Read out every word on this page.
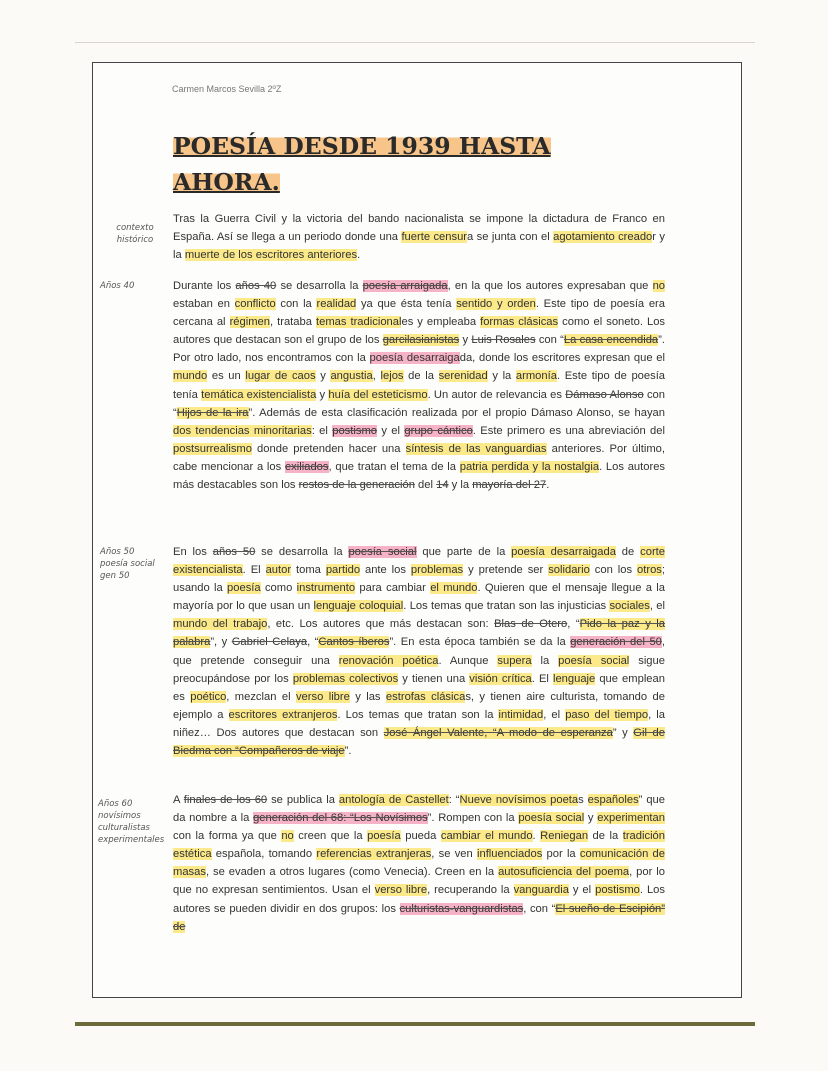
Carmen Marcos Sevilla 2ºZ
POESÍA DESDE 1939 HASTA AHORA.
contexto histórico
Años 40
Años 50 poesía social gen 50
Años 60 novísimos culturalistas experimentales
Tras la Guerra Civil y la victoria del bando nacionalista se impone la dictadura de Franco en España. Así se llega a un periodo donde una fuerte censura se junta con el agotamiento creador y la muerte de los escritores anteriores.
Durante los años 40 se desarrolla la poesía arraigada, en la que los autores expresaban que no estaban en conflicto con la realidad ya que ésta tenía sentido y orden. Este tipo de poesía era cercana al régimen, trataba temas tradicionales y empleaba formas clásicas como el soneto. Los autores que destacan son el grupo de los garcilasianistas y Luis Rosales con “La casa encendida”. Por otro lado, nos encontramos con la poesía desarraigada, donde los escritores expresan que el mundo es un lugar de caos y angustia, lejos de la serenidad y la armonía. Este tipo de poesía tenía temática existencialista y huía del esteticismo. Un autor de relevancia es Dámaso Alonso con “Hijos de la ira”. Además de esta clasificación realizada por el propio Dámaso Alonso, se hayan dos tendencias minoritarias: el postismo y el grupo cántico. Este primero es una abreviación del postsurrealismo donde pretenden hacer una síntesis de las vanguardias anteriores. Por último, cabe mencionar a los exiliados, que tratan el tema de la patria perdida y la nostalgia. Los autores más destacables son los restos de la generación del 14 y la mayoría del 27.
En los años 50 se desarrolla la poesía social que parte de la poesía desarraigada de corte existencialista. El autor toma partido ante los problemas y pretende ser solidario con los otros; usando la poesía como instrumento para cambiar el mundo. Quieren que el mensaje llegue a la mayoría por lo que usan un lenguaje coloquial. Los temas que tratan son las injusticias sociales, el mundo del trabajo, etc. Los autores que más destacan son: Blas de Otero, “Pido la paz y la palabra”, y Gabriel Celaya, “Cantos íberos”. En esta época también se da la generación del 50, que pretende conseguir una renovación poética. Aunque supera la poesía social sigue preocupándose por los problemas colectivos y tienen una visión crítica. El lenguaje que emplean es poético, mezclan el verso libre y las estrofas clásicas, y tienen aire culturista, tomando de ejemplo a escritores extranjeros. Los temas que tratan son la intimidad, el paso del tiempo, la niñez… Dos autores que destacan son José Ángel Valente, “A modo de esperanza” y Gil de Biedma con “Compañeros de viaje”.
A finales de los 60 se publica la antología de Castellet: “Nueve novísimos poetas españoles” que da nombre a la generación del 68: “Los Novísimos”. Rompen con la poesía social y experimentan con la forma ya que no creen que la poesía pueda cambiar el mundo. Reniegan de la tradición estética española, tomando referencias extranjeras, se ven influenciados por la comunicación de masas, se evaden a otros lugares (como Venecia). Creen en la autosuficiencia del poema, por lo que no expresan sentimientos. Usan el verso libre, recuperando la vanguardia y el postismo. Los autores se pueden dividir en dos grupos: los culturistas-vanguardistas, con “El sueño de Escipión” de
